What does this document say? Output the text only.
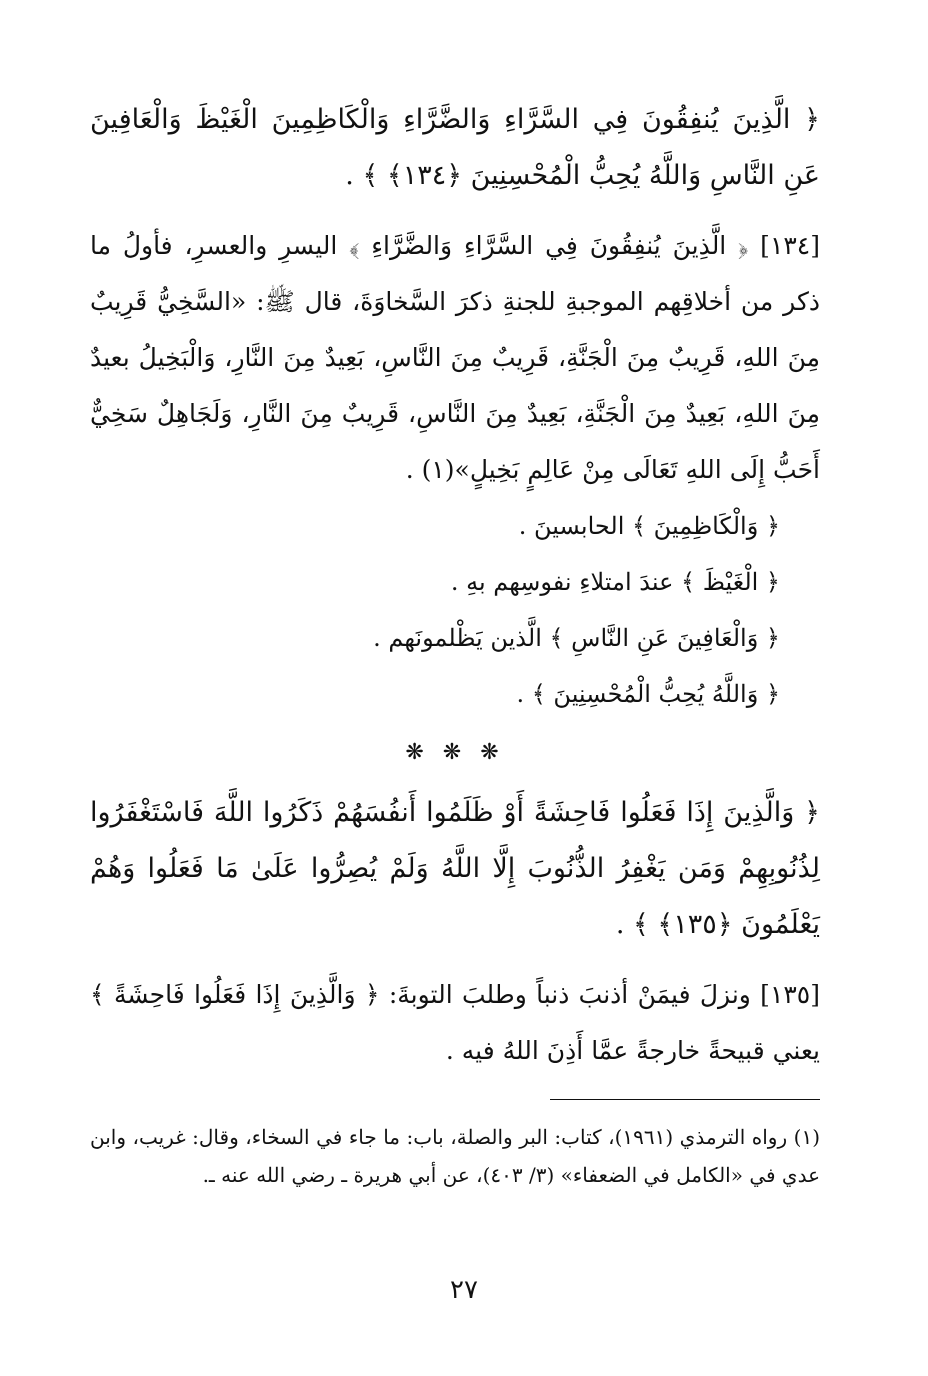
﴿ الَّذِينَ يُنفِقُونَ فِي السَّرَّاءِ وَالضَّرَّاءِ وَالْكَاظِمِينَ الْغَيْظَ وَالْعَافِينَ عَنِ النَّاسِ وَاللَّهُ يُحِبُّ الْمُحْسِنِينَ ﴿١٣٤﴾ ﴾ .

[١٣٤] ﴿ الَّذِينَ يُنفِقُونَ فِي السَّرَّاءِ وَالضَّرَّاءِ ﴾ اليسرِ والعسرِ، فأولُ ما ذكر من أخلاقِهم الموجبةِ للجنةِ ذكرَ السَّخاوَةَ، قال ﷺ: «السَّخِيُّ قَرِيبٌ مِنَ اللهِ، قَرِيبٌ مِنَ الْجَنَّةِ، قَرِيبٌ مِنَ النَّاسِ، بَعِيدٌ مِنَ النَّارِ، وَالْبَخِيلُ بعيدٌ مِنَ اللهِ، بَعِيدٌ مِنَ الْجَنَّةِ، بَعِيدٌ مِنَ النَّاسِ، قَرِيبٌ مِنَ النَّارِ، وَلَجَاهِلٌ سَخِيٌّ أَحَبُّ إِلَى اللهِ تَعَالَى مِنْ عَالِمٍ بَخِيلٍ»(١) .

﴿ وَالْكَاظِمِينَ ﴾ الحابسينَ .

﴿ الْغَيْظَ ﴾ عندَ امتلاءِ نفوسِهم بهِ .

﴿ وَالْعَافِينَ عَنِ النَّاسِ ﴾ الَّذين يَظْلمونَهم .

﴿ وَاللَّهُ يُحِبُّ الْمُحْسِنِينَ ﴾ .

❋ ❋ ❋

﴿ وَالَّذِينَ إِذَا فَعَلُوا فَاحِشَةً أَوْ ظَلَمُوا أَنفُسَهُمْ ذَكَرُوا اللَّهَ فَاسْتَغْفَرُوا لِذُنُوبِهِمْ وَمَن يَغْفِرُ الذُّنُوبَ إِلَّا اللَّهُ وَلَمْ يُصِرُّوا عَلَىٰ مَا فَعَلُوا وَهُمْ يَعْلَمُونَ ﴿١٣٥﴾ ﴾ .

[١٣٥] ونزلَ فيمَنْ أذنبَ ذنباً وطلبَ التوبةَ: ﴿ وَالَّذِينَ إِذَا فَعَلُوا فَاحِشَةً ﴾ يعني قبيحةً خارجةً عمَّا أَذِنَ اللهُ فيه .

(١) رواه الترمذي (١٩٦١)، كتاب: البر والصلة، باب: ما جاء في السخاء، وقال: غريب، وابن عدي في «الكامل في الضعفاء» (٣/ ٤٠٣)، عن أبي هريرة ـ رضي الله عنه ـ.

٢٧
